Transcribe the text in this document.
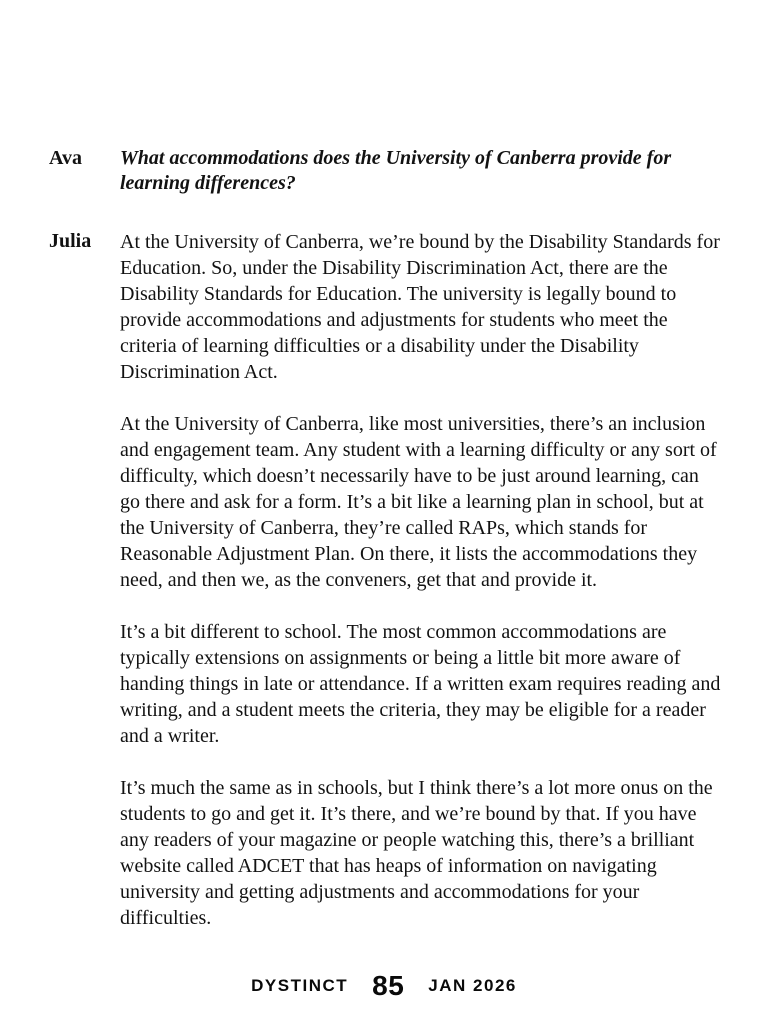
Ava	What accommodations does the University of Canberra provide for learning differences?
Julia	At the University of Canberra, we’re bound by the Disability Standards for Education. So, under the Disability Discrimination Act, there are the Disability Standards for Education. The university is legally bound to provide accommodations and adjustments for students who meet the criteria of learning difficulties or a disability under the Disability Discrimination Act.

At the University of Canberra, like most universities, there’s an inclusion and engagement team. Any student with a learning difficulty or any sort of difficulty, which doesn’t necessarily have to be just around learning, can go there and ask for a form. It’s a bit like a learning plan in school, but at the University of Canberra, they’re called RAPs, which stands for Reasonable Adjustment Plan. On there, it lists the accommodations they need, and then we, as the conveners, get that and provide it.

It’s a bit different to school. The most common accommodations are typically extensions on assignments or being a little bit more aware of handing things in late or attendance. If a written exam requires reading and writing, and a student meets the criteria, they may be eligible for a reader and a writer.

It’s much the same as in schools, but I think there’s a lot more onus on the students to go and get it. It’s there, and we’re bound by that. If you have any readers of your magazine or people watching this, there’s a brilliant website called ADCET that has heaps of information on navigating university and getting adjustments and accommodations for your difficulties.

DYSTINCT 85 JAN 2026
